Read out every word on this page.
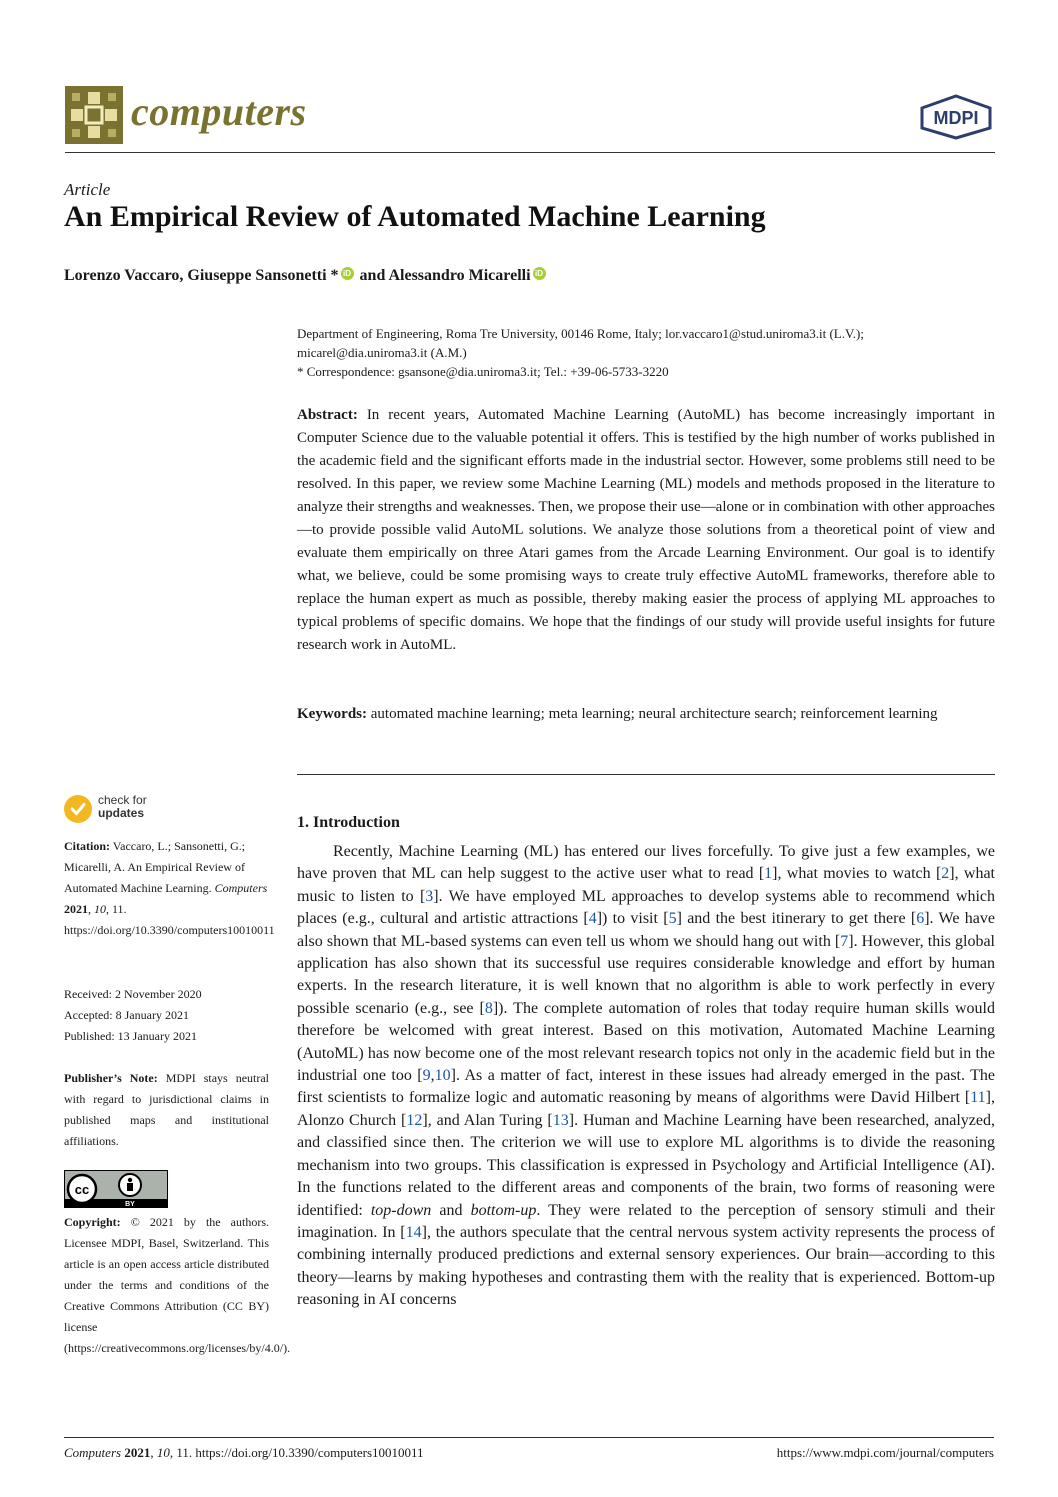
computers	MDPI
Article
An Empirical Review of Automated Machine Learning
Lorenzo Vaccaro, Giuseppe Sansonetti * iD and Alessandro Micarelli iD
Department of Engineering, Roma Tre University, 00146 Rome, Italy; lor.vaccaro1@stud.uniroma3.it (L.V.); micarel@dia.uniroma3.it (A.M.)
* Correspondence: gsansone@dia.uniroma3.it; Tel.: +39-06-5733-3220
Abstract: In recent years, Automated Machine Learning (AutoML) has become increasingly important in Computer Science due to the valuable potential it offers. This is testified by the high number of works published in the academic field and the significant efforts made in the industrial sector. However, some problems still need to be resolved. In this paper, we review some Machine Learning (ML) models and methods proposed in the literature to analyze their strengths and weaknesses. Then, we propose their use—alone or in combination with other approaches—to provide possible valid AutoML solutions. We analyze those solutions from a theoretical point of view and evaluate them empirically on three Atari games from the Arcade Learning Environment. Our goal is to identify what, we believe, could be some promising ways to create truly effective AutoML frameworks, therefore able to replace the human expert as much as possible, thereby making easier the process of applying ML approaches to typical problems of specific domains. We hope that the findings of our study will provide useful insights for future research work in AutoML.
Keywords: automated machine learning; meta learning; neural architecture search; reinforcement learning
check for
updates
Citation: Vaccaro, L.; Sansonetti, G.; Micarelli, A. An Empirical Review of Automated Machine Learning. Computers 2021, 10, 11. https://doi.org/10.3390/computers10010011
Received: 2 November 2020
Accepted: 8 January 2021
Published: 13 January 2021
Publisher’s Note: MDPI stays neutral with regard to jurisdictional claims in published maps and institutional affiliations.
cc
BY
Copyright: © 2021 by the authors. Licensee MDPI, Basel, Switzerland. This article is an open access article distributed under the terms and conditions of the Creative Commons Attribution (CC BY) license (https://creativecommons.org/licenses/by/4.0/).
1. Introduction
Recently, Machine Learning (ML) has entered our lives forcefully. To give just a few examples, we have proven that ML can help suggest to the active user what to read [1], what movies to watch [2], what music to listen to [3]. We have employed ML approaches to develop systems able to recommend which places (e.g., cultural and artistic attractions [4]) to visit [5] and the best itinerary to get there [6]. We have also shown that ML-based systems can even tell us whom we should hang out with [7]. However, this global application has also shown that its successful use requires considerable knowledge and effort by human experts. In the research literature, it is well known that no algorithm is able to work perfectly in every possible scenario (e.g., see [8]). The complete automation of roles that today require human skills would therefore be welcomed with great interest. Based on this motivation, Automated Machine Learning (AutoML) has now become one of the most relevant research topics not only in the academic field but in the industrial one too [9,10]. As a matter of fact, interest in these issues had already emerged in the past. The first scientists to formalize logic and automatic reasoning by means of algorithms were David Hilbert [11], Alonzo Church [12], and Alan Turing [13]. Human and Machine Learning have been researched, analyzed, and classified since then. The criterion we will use to explore ML algorithms is to divide the reasoning mechanism into two groups. This classification is expressed in Psychology and Artificial Intelligence (AI). In the functions related to the different areas and components of the brain, two forms of reasoning were identified: top-down and bottom-up. They were related to the perception of sensory stimuli and their imagination. In [14], the authors speculate that the central nervous system activity represents the process of combining internally produced predictions and external sensory experiences. Our brain—according to this theory—learns by making hypotheses and contrasting them with the reality that is experienced. Bottom-up reasoning in AI concerns
Computers 2021, 10, 11. https://doi.org/10.3390/computers10010011	https://www.mdpi.com/journal/computers
